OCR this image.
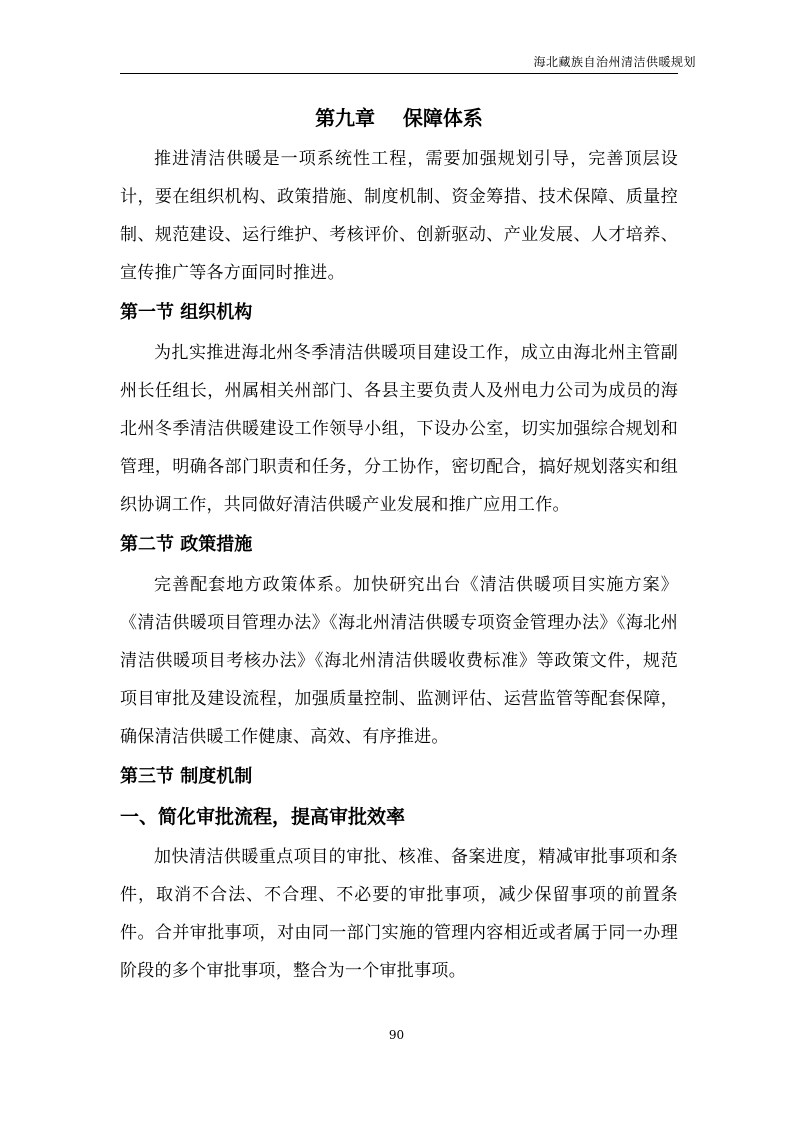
海北藏族自治州清洁供暖规划
第九章    保障体系

推进清洁供暖是一项系统性工程，需要加强规划引导，完善顶层设计，要在组织机构、政策措施、制度机制、资金筹措、技术保障、质量控制、规范建设、运行维护、考核评价、创新驱动、产业发展、人才培养、宣传推广等各方面同时推进。

第一节 组织机构

为扎实推进海北州冬季清洁供暖项目建设工作，成立由海北州主管副州长任组长，州属相关州部门、各县主要负责人及州电力公司为成员的海北州冬季清洁供暖建设工作领导小组，下设办公室，切实加强综合规划和管理，明确各部门职责和任务，分工协作，密切配合，搞好规划落实和组织协调工作，共同做好清洁供暖产业发展和推广应用工作。

第二节 政策措施

完善配套地方政策体系。加快研究出台《清洁供暖项目实施方案》《清洁供暖项目管理办法》《海北州清洁供暖专项资金管理办法》《海北州清洁供暖项目考核办法》《海北州清洁供暖收费标准》等政策文件，规范项目审批及建设流程，加强质量控制、监测评估、运营监管等配套保障，确保清洁供暖工作健康、高效、有序推进。

第三节 制度机制
一、简化审批流程，提高审批效率

加快清洁供暖重点项目的审批、核准、备案进度，精减审批事项和条件，取消不合法、不合理、不必要的审批事项，减少保留事项的前置条件。合并审批事项，对由同一部门实施的管理内容相近或者属于同一办理阶段的多个审批事项，整合为一个审批事项。

90
